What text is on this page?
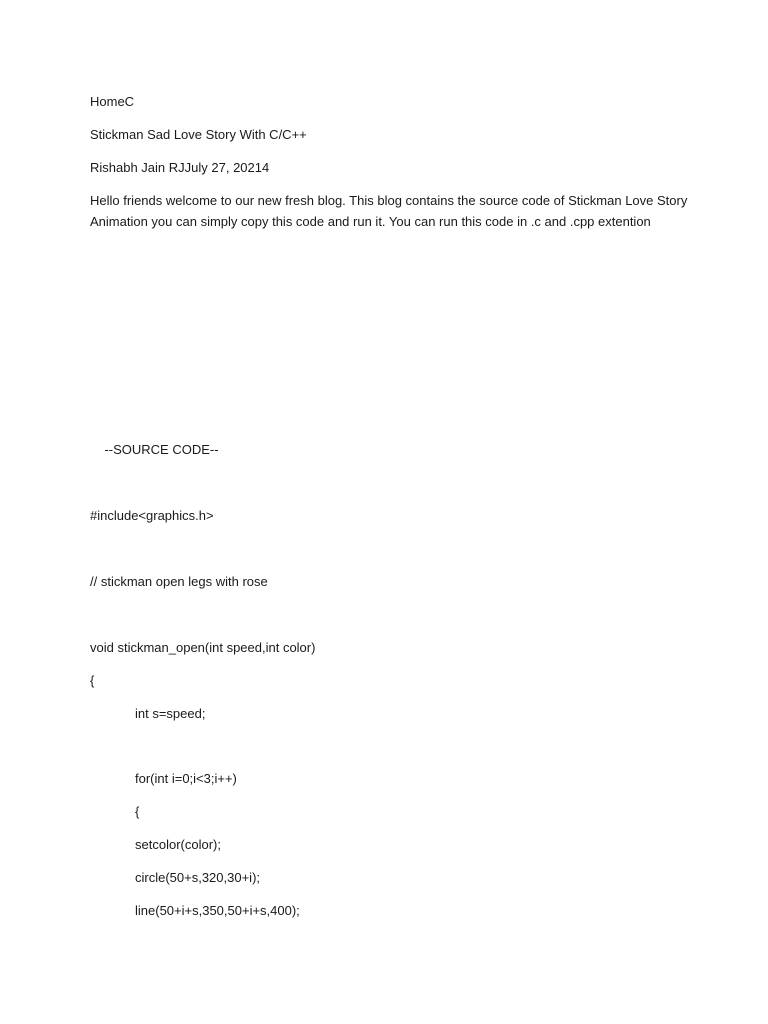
HomeC

Stickman Sad Love Story With C/C++

Rishabh Jain RJJuly 27, 20214

Hello friends welcome to our new fresh blog. This blog contains the source code of Stickman Love Story Animation you can simply copy this code and run it. You can run this code in .c and .cpp extention

--SOURCE CODE--

#include<graphics.h>

// stickman open legs with rose

void stickman_open(int speed,int color)

{

int s=speed;

for(int i=0;i<3;i++)

{

setcolor(color);

circle(50+s,320,30+i);

line(50+i+s,350,50+i+s,400);
